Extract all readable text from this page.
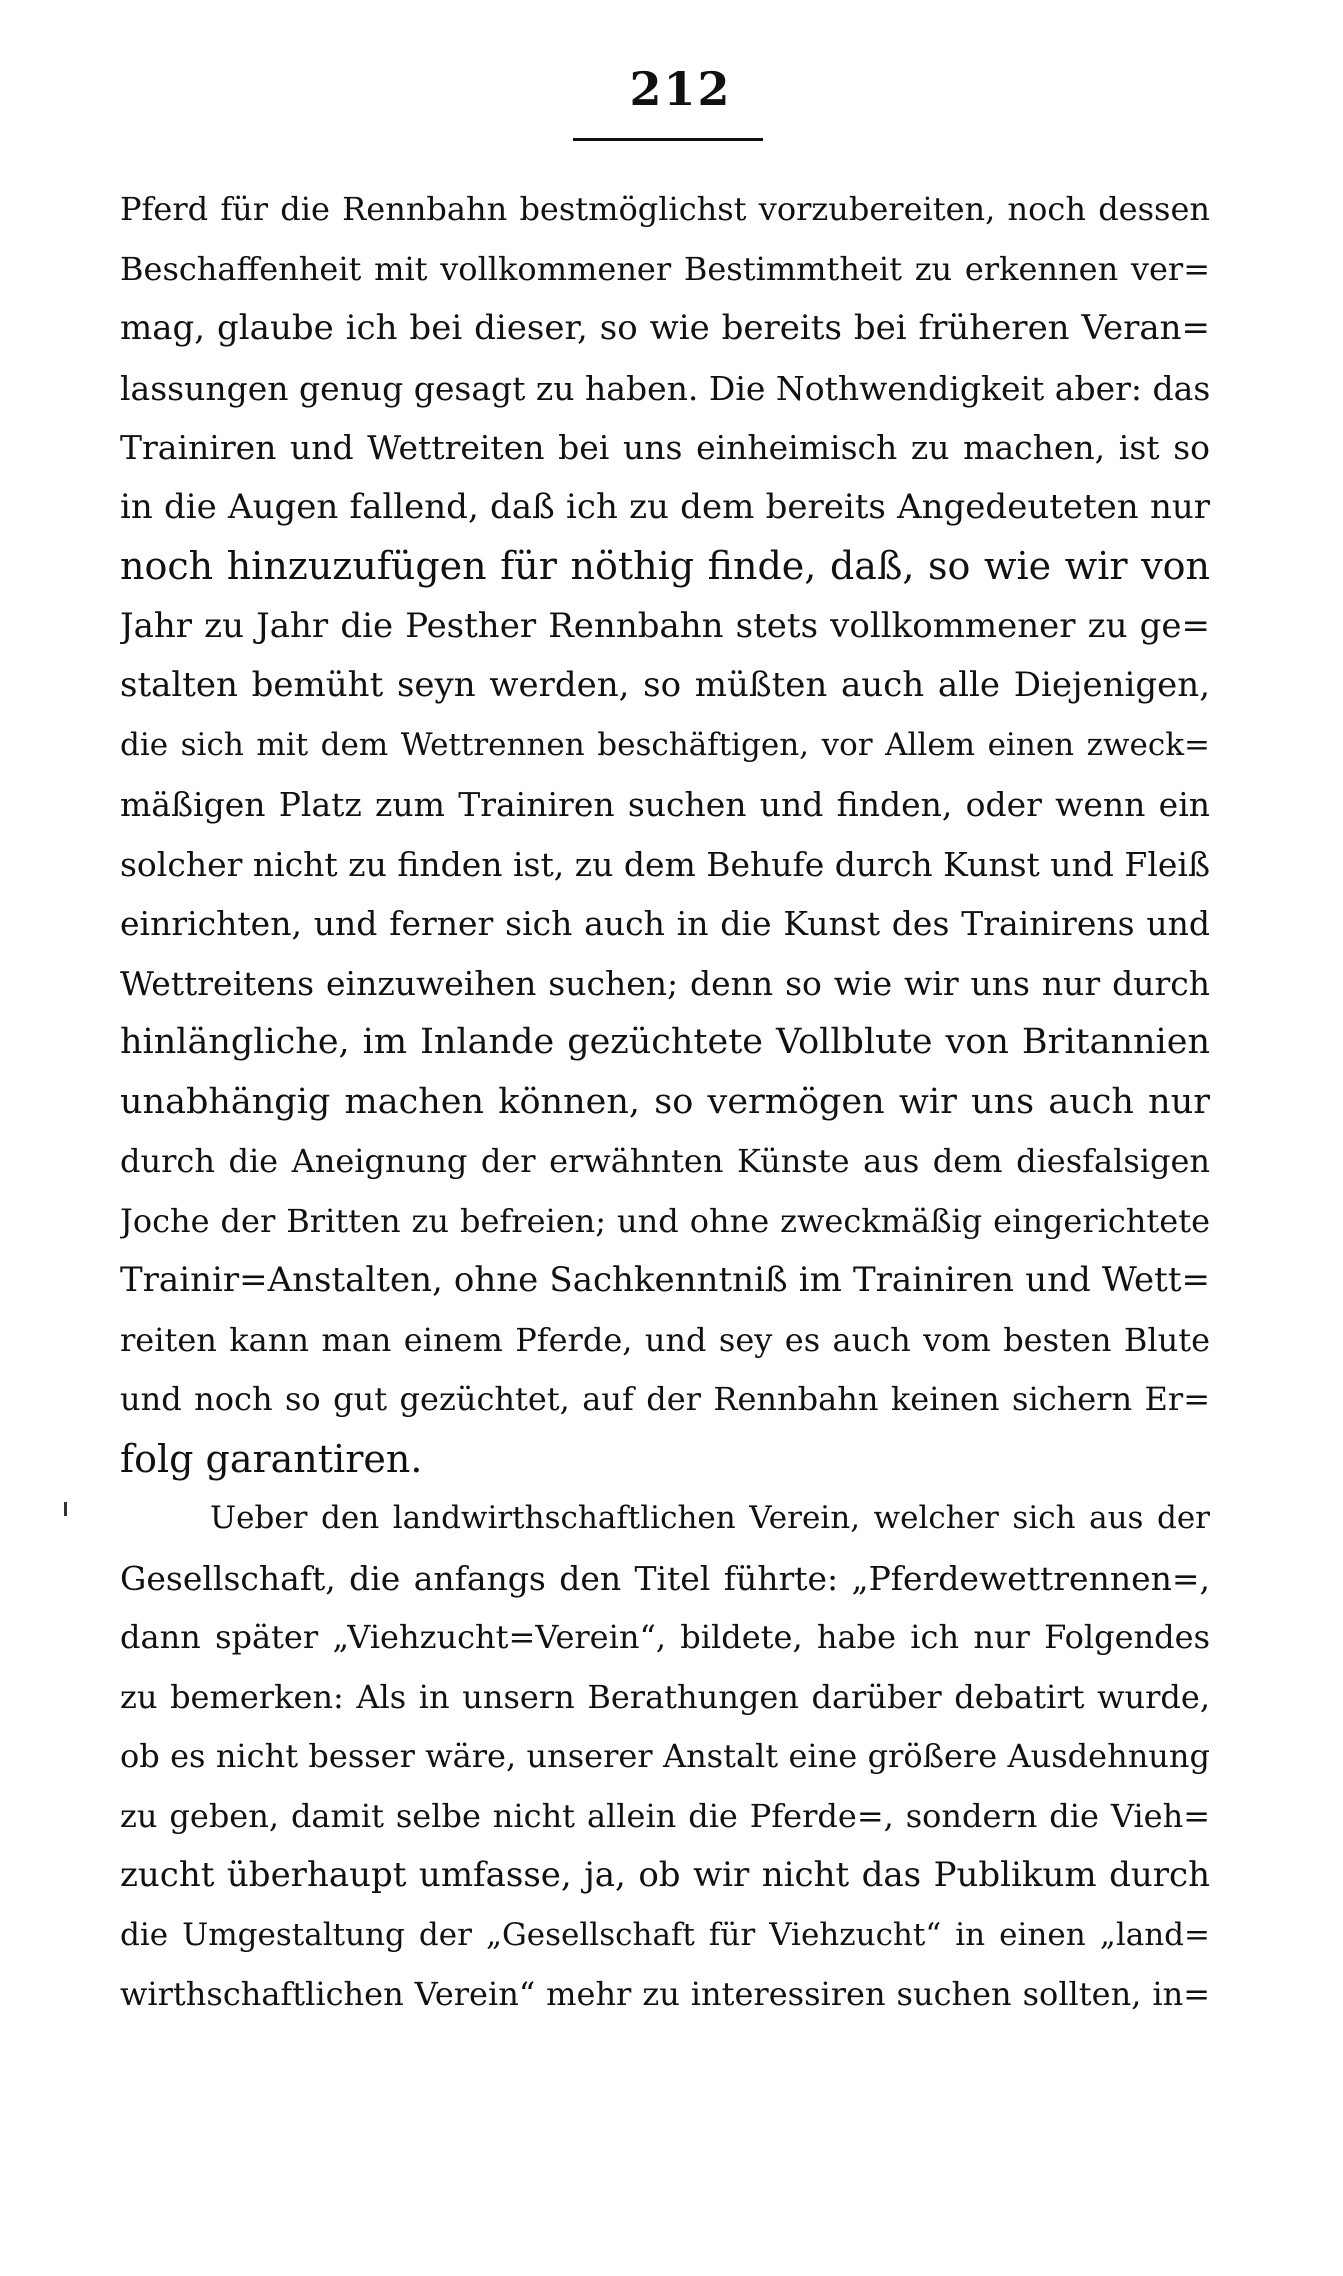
212
Pferd für die Rennbahn bestmöglichst vorzubereiten, noch dessen
Beschaffenheit mit vollkommener Bestimmtheit zu erkennen ver=
mag, glaube ich bei dieser, so wie bereits bei früheren Veran=
lassungen genug gesagt zu haben. Die Nothwendigkeit aber: das
Trainiren und Wettreiten bei uns einheimisch zu machen, ist so
in die Augen fallend, daß ich zu dem bereits Angedeuteten nur
noch hinzuzufügen für nöthig finde, daß, so wie wir von
Jahr zu Jahr die Pesther Rennbahn stets vollkommener zu ge=
stalten bemüht seyn werden, so müßten auch alle Diejenigen,
die sich mit dem Wettrennen beschäftigen, vor Allem einen zweck=
mäßigen Platz zum Trainiren suchen und finden, oder wenn ein
solcher nicht zu finden ist, zu dem Behufe durch Kunst und Fleiß
einrichten, und ferner sich auch in die Kunst des Trainirens und
Wettreitens einzuweihen suchen; denn so wie wir uns nur durch
hinlängliche, im Inlande gezüchtete Vollblute von Britannien
unabhängig machen können, so vermögen wir uns auch nur
durch die Aneignung der erwähnten Künste aus dem diesfalsigen
Joche der Britten zu befreien; und ohne zweckmäßig eingerichtete
Trainir=Anstalten, ohne Sachkenntniß im Trainiren und Wett=
reiten kann man einem Pferde, und sey es auch vom besten Blute
und noch so gut gezüchtet, auf der Rennbahn keinen sichern Er=
folg garantiren.
Ueber den landwirthschaftlichen Verein, welcher sich aus der
Gesellschaft, die anfangs den Titel führte: „Pferdewettrennen=,
dann später „Viehzucht=Verein“, bildete, habe ich nur Folgendes
zu bemerken: Als in unsern Berathungen darüber debatirt wurde,
ob es nicht besser wäre, unserer Anstalt eine größere Ausdehnung
zu geben, damit selbe nicht allein die Pferde=, sondern die Vieh=
zucht überhaupt umfasse, ja, ob wir nicht das Publikum durch
die Umgestaltung der „Gesellschaft für Viehzucht“ in einen „land=
wirthschaftlichen Verein“ mehr zu interessiren suchen sollten, in=
